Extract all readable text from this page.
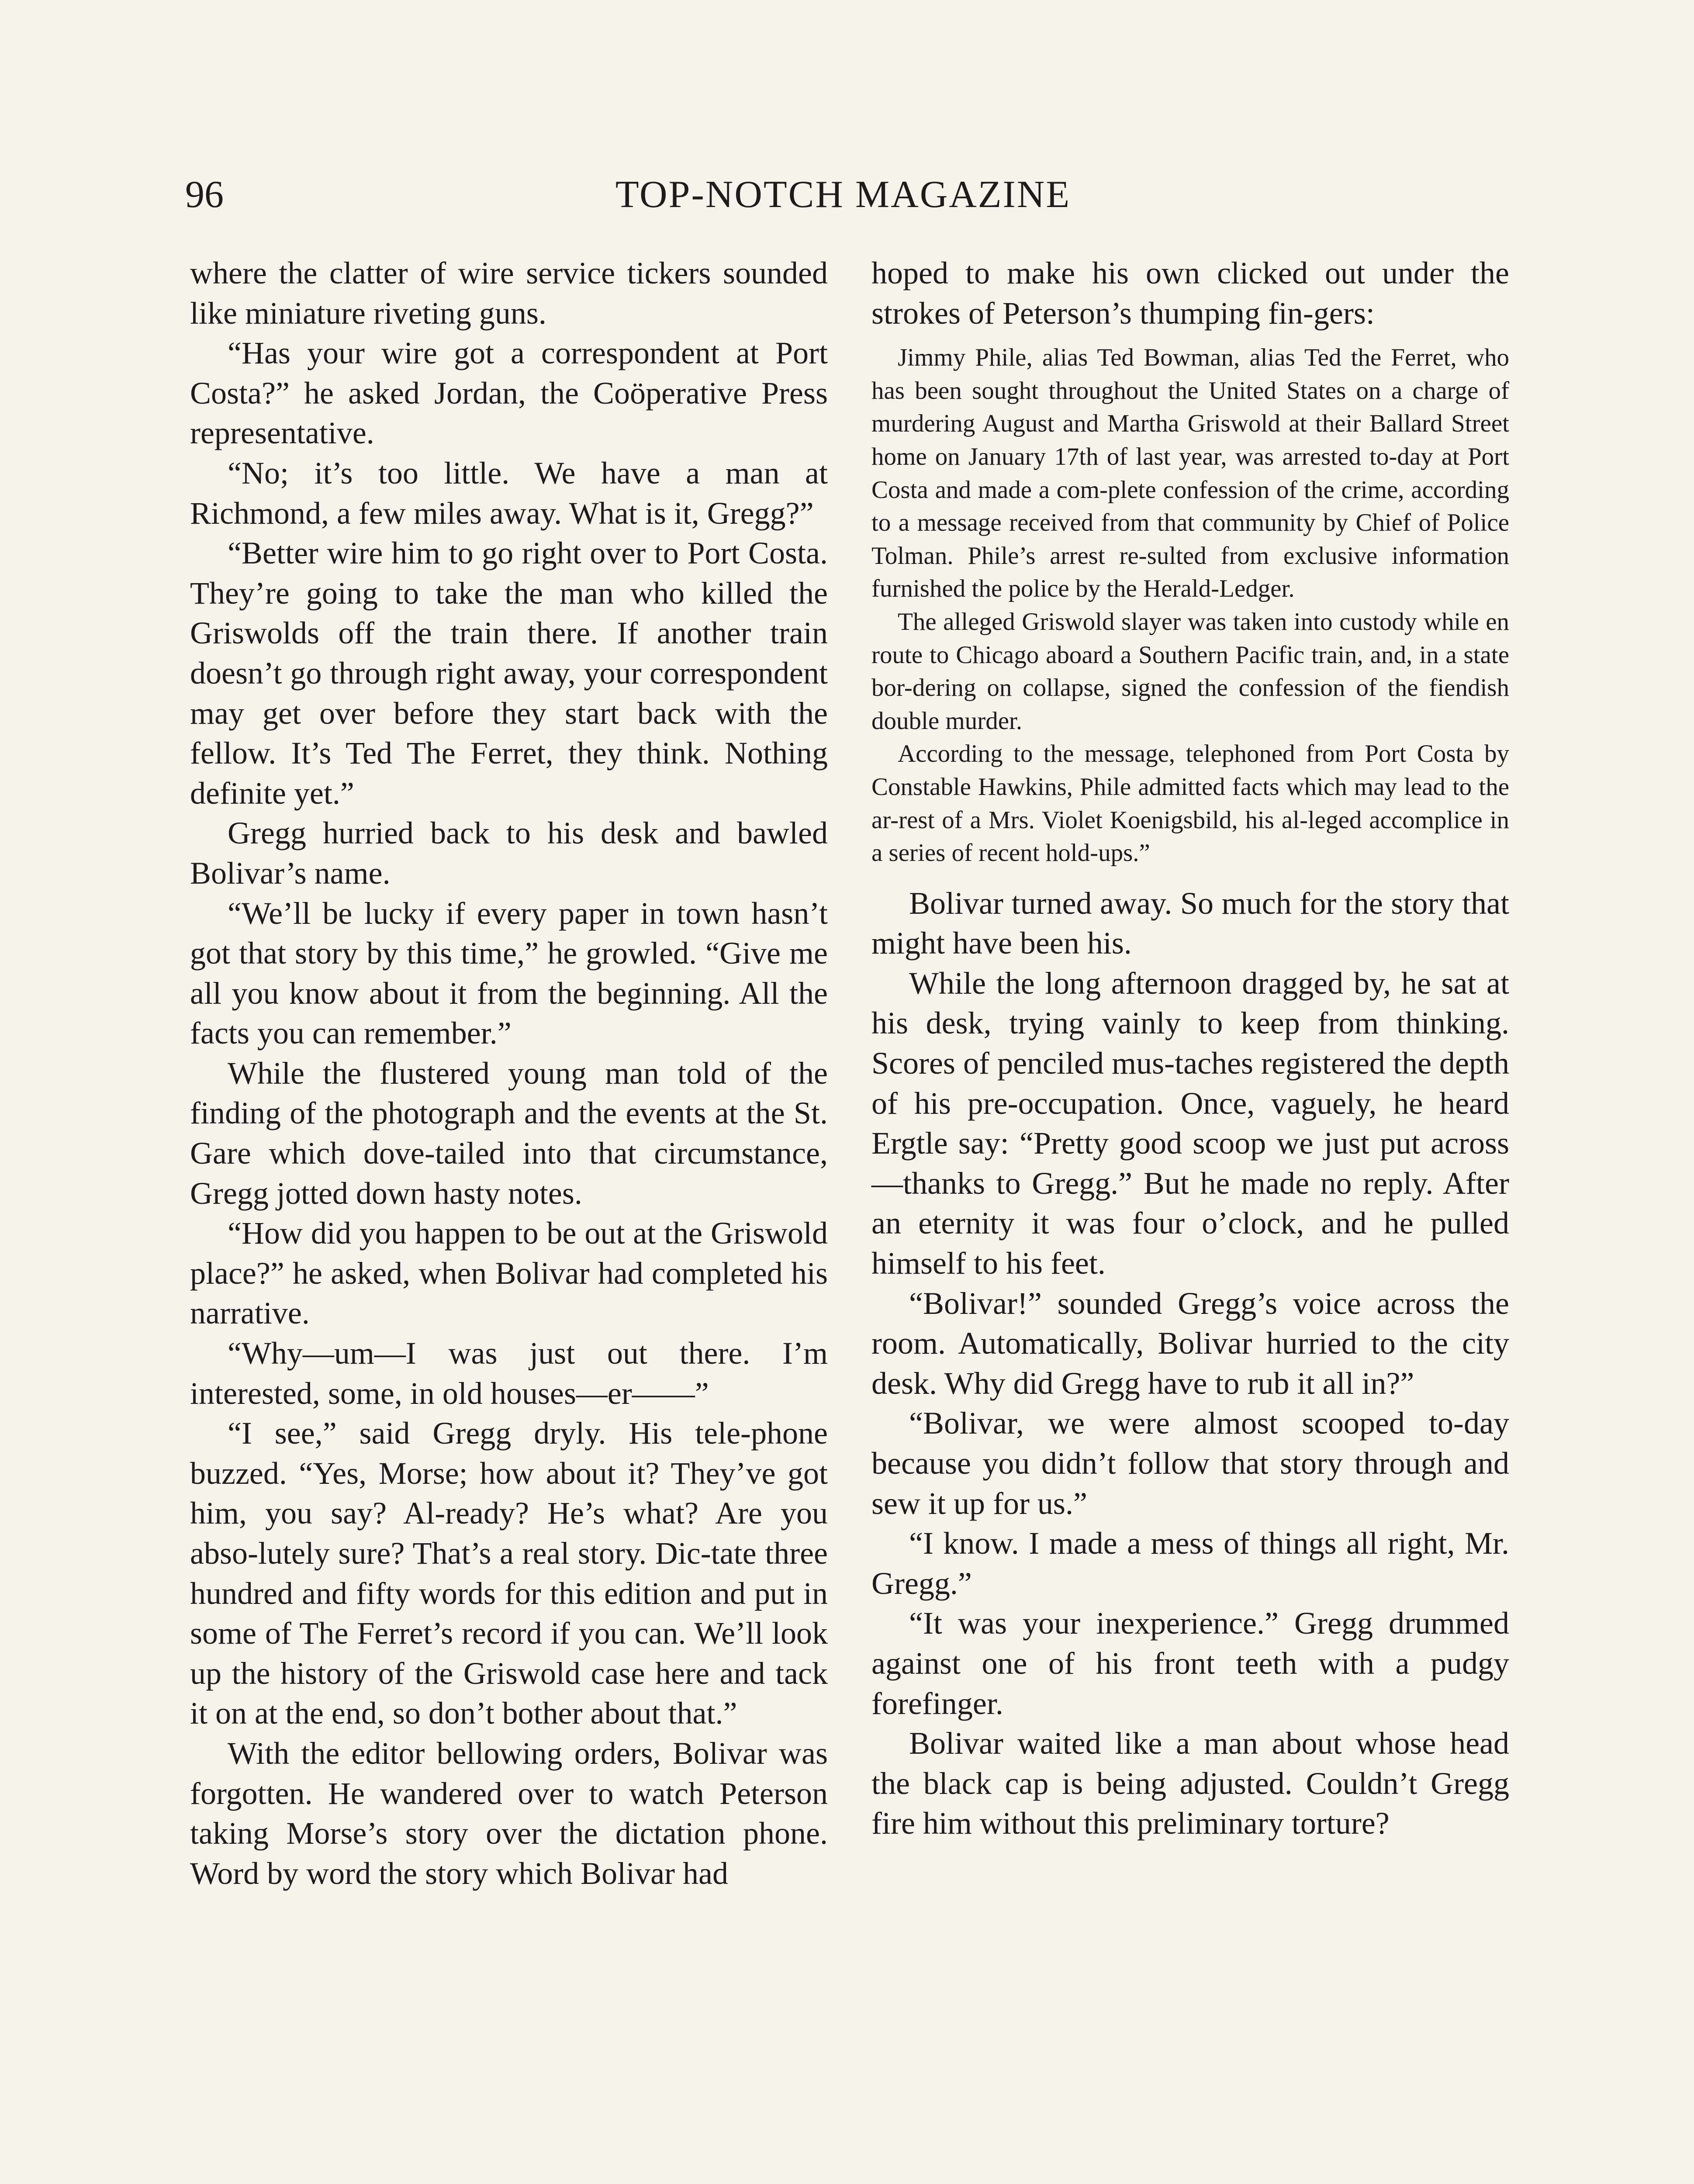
96	TOP-NOTCH MAGAZINE

where the clatter of wire service tickers sounded like miniature riveting guns.

“Has your wire got a correspondent at Port Costa?” he asked Jordan, the Coöperative Press representative.

“No; it’s too little. We have a man at Richmond, a few miles away. What is it, Gregg?”

“Better wire him to go right over to Port Costa. They’re going to take the man who killed the Griswolds off the train there. If another train doesn’t go through right away, your correspondent may get over before they start back with the fellow. It’s Ted The Ferret, they think. Nothing definite yet.”

Gregg hurried back to his desk and bawled Bolivar’s name.

“We’ll be lucky if every paper in town hasn’t got that story by this time,” he growled. “Give me all you know about it from the beginning. All the facts you can remember.”

While the flustered young man told of the finding of the photograph and the events at the St. Gare which dove-tailed into that circumstance, Gregg jotted down hasty notes.

“How did you happen to be out at the Griswold place?” he asked, when Bolivar had completed his narrative.

“Why—um—I was just out there. I’m interested, some, in old houses—er——”

“I see,” said Gregg dryly. His tele-phone buzzed. “Yes, Morse; how about it? They’ve got him, you say? Al-ready? He’s what? Are you abso-lutely sure? That’s a real story. Dic-tate three hundred and fifty words for this edition and put in some of The Ferret’s record if you can. We’ll look up the history of the Griswold case here and tack it on at the end, so don’t bother about that.”

With the editor bellowing orders, Bolivar was forgotten. He wandered over to watch Peterson taking Morse’s story over the dictation phone. Word by word the story which Bolivar had

hoped to make his own clicked out under the strokes of Peterson’s thumping fin-gers:

Jimmy Phile, alias Ted Bowman, alias Ted the Ferret, who has been sought throughout the United States on a charge of murdering August and Martha Griswold at their Ballard Street home on January 17th of last year, was arrested to-day at Port Costa and made a com-plete confession of the crime, according to a message received from that community by Chief of Police Tolman. Phile’s arrest re-sulted from exclusive information furnished the police by the Herald-Ledger.

The alleged Griswold slayer was taken into custody while en route to Chicago aboard a Southern Pacific train, and, in a state bor-dering on collapse, signed the confession of the fiendish double murder.

According to the message, telephoned from Port Costa by Constable Hawkins, Phile admitted facts which may lead to the ar-rest of a Mrs. Violet Koenigsbild, his al-leged accomplice in a series of recent hold-ups.”

Bolivar turned away. So much for the story that might have been his.

While the long afternoon dragged by, he sat at his desk, trying vainly to keep from thinking. Scores of penciled mus-taches registered the depth of his pre-occupation. Once, vaguely, he heard Ergtle say: “Pretty good scoop we just put across—thanks to Gregg.” But he made no reply. After an eternity it was four o’clock, and he pulled himself to his feet.

“Bolivar!” sounded Gregg’s voice across the room. Automatically, Bolivar hurried to the city desk. Why did Gregg have to rub it all in?”

“Bolivar, we were almost scooped to-day because you didn’t follow that story through and sew it up for us.”

“I know. I made a mess of things all right, Mr. Gregg.”

“It was your inexperience.” Gregg drummed against one of his front teeth with a pudgy forefinger.

Bolivar waited like a man about whose head the black cap is being adjusted. Couldn’t Gregg fire him without this preliminary torture?
